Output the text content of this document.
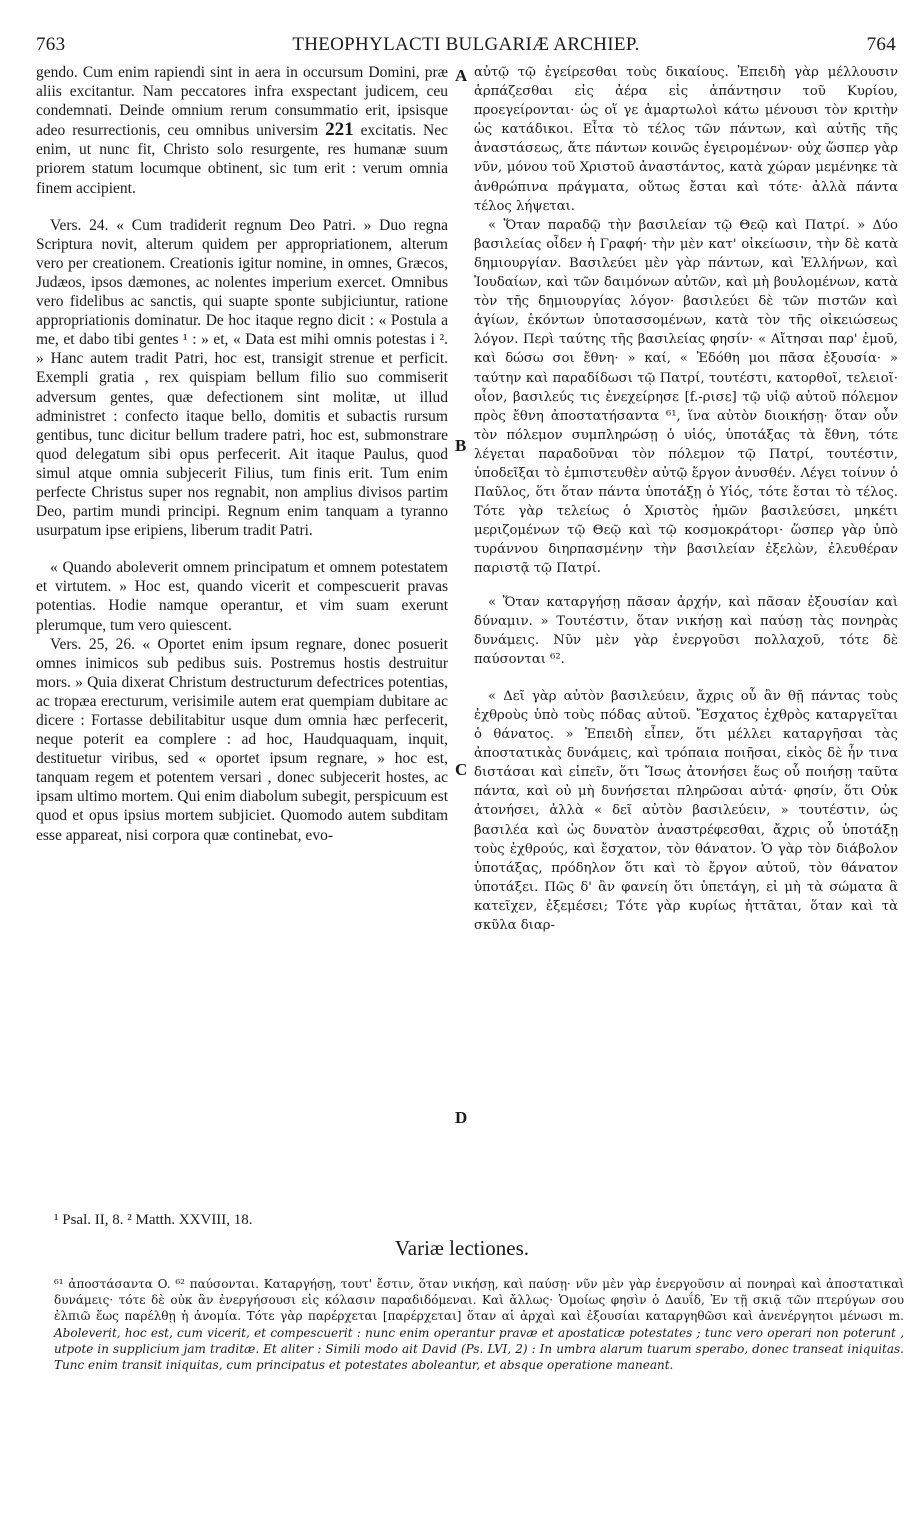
763	THEOPHYLACTI BULGARIÆ ARCHIEP.	764

gendo. Cum enim rapiendi sint in aera in occursum Domini, præ aliis excitantur. Nam peccatores infra exspectant judicem, ceu condemnati. Deinde omnium rerum consummatio erit, ipsisque adeo resurrectionis, ceu omnibus universim 221 excitatis. Nec enim, ut nunc fit, Christo solo resurgente, res humanæ suum priorem statum locumque obtinent, sic tum erit : verum omnia finem accipient.

Vers. 24. « Cum tradiderit regnum Deo Patri. » Duo regna Scriptura novit, alterum quidem per appropriationem, alterum vero per creationem. Creationis igitur nomine, in omnes, Græcos, Judæos, ipsos dæmones, ac nolentes imperium exercet. Omnibus vero fidelibus ac sanctis, qui suapte sponte subjiciuntur, ratione appropriationis dominatur. De hoc itaque regno dicit : « Postula a me, et dabo tibi gentes ¹ : » et, « Data est mihi omnis potestas i ². » Hanc autem tradit Patri, hoc est, transigit strenue et perficit. Exempli gratia , rex quispiam bellum filio suo commiserit adversum gentes, quæ defectionem sint molitæ, ut illud administret : confecto itaque bello, domitis et subactis rursum gentibus, tunc dicitur bellum tradere patri, hoc est, submonstrare quod delegatum sibi opus perfecerit. Ait itaque Paulus, quod simul atque omnia subjecerit Filius, tum finis erit. Tum enim perfecte Christus super nos regnabit, non amplius divisos partim Deo, partim mundi principi. Regnum enim tanquam a tyranno usurpatum ipse eripiens, liberum tradit Patri.

« Quando aboleverit omnem principatum et omnem potestatem et virtutem. » Hoc est, quando vicerit et compescuerit pravas potentias. Hodie namque operantur, et vim suam exerunt plerumque, tum vero quiescent.

Vers. 25, 26. « Oportet enim ipsum regnare, donec posuerit omnes inimicos sub pedibus suis. Postremus hostis destruitur mors. » Quia dixerat Christum destructurum defectrices potentias, ac tropæa erecturum, verisimile autem erat quempiam dubitare ac dicere : Fortasse debilitabitur usque dum omnia hæc perfecerit, neque poterit ea complere : ad hoc, Haudquaquam, inquit, destituetur viribus, sed « oportet ipsum regnare, » hoc est, tanquam regem et potentem versari , donec subjecerit hostes, ac ipsam ultimo mortem. Qui enim diabolum subegit, perspicuum est quod et opus ipsius mortem subjiciet. Quomodo autem subditam esse appareat, nisi corpora quæ continebat, evo-

A
B
C
D

αὐτῷ τῷ ἐγείρεσθαι τοὺς δικαίους. Ἐπειδὴ γὰρ μέλλουσιν ἁρπάζεσθαι εἰς ἀέρα εἰς ἀπάντησιν τοῦ Κυρίου, προεγείρονται· ὡς οἵ γε ἁμαρτωλοὶ κάτω μένουσι τὸν κριτὴν ὡς κατάδικοι. Εἶτα τὸ τέλος τῶν πάντων, καὶ αὐτῆς τῆς ἀναστάσεως, ἅτε πάντων κοινῶς ἐγειρομένων· οὐχ ὥσπερ γὰρ νῦν, μόνου τοῦ Χριστοῦ ἀναστάντος, κατὰ χώραν μεμένηκε τὰ ἀνθρώπινα πράγματα, οὕτως ἔσται καὶ τότε· ἀλλὰ πάντα τέλος λήψεται.

« Ὅταν παραδῷ τὴν βασιλείαν τῷ Θεῷ καὶ Πατρί. » Δύο βασιλείας οἶδεν ἡ Γραφή· τὴν μὲν κατ' οἰκείωσιν, τὴν δὲ κατὰ δημιουργίαν. Βασιλεύει μὲν γὰρ πάντων, καὶ Ἑλλήνων, καὶ Ἰουδαίων, καὶ τῶν δαιμόνων αὐτῶν, καὶ μὴ βουλομένων, κατὰ τὸν τῆς δημιουργίας λόγον· βασιλεύει δὲ τῶν πιστῶν καὶ ἁγίων, ἑκόντων ὑποτασσομένων, κατὰ τὸν τῆς οἰκειώσεως λόγον. Περὶ ταύτης τῆς βασιλείας φησίν· « Αἴτησαι παρ' ἐμοῦ, καὶ δώσω σοι ἔθνη· » καί, « Ἐδόθη μοι πᾶσα ἐξουσία· » ταύτην καὶ παραδίδωσι τῷ Πατρί, τουτέστι, κατορθοῖ, τελειοῖ· οἷον, βασιλεύς τις ἐνεχείρησε [f.-ρισε] τῷ υἱῷ αὐτοῦ πόλεμον πρὸς ἔθνη ἀποστατήσαντα ⁶¹, ἵνα αὐτὸν διοικήσῃ· ὅταν οὖν τὸν πόλεμον συμπληρώσῃ ὁ υἱός, ὑποτάξας τὰ ἔθνη, τότε λέγεται παραδοῦναι τὸν πόλεμον τῷ Πατρί, τουτέστιν, ὑποδεῖξαι τὸ ἐμπιστευθὲν αὐτῷ ἔργον ἀνυσθέν. Λέγει τοίνυν ὁ Παῦλος, ὅτι ὅταν πάντα ὑποτάξῃ ὁ Υἱός, τότε ἔσται τὸ τέλος. Τότε γὰρ τελείως ὁ Χριστὸς ἡμῶν βασιλεύσει, μηκέτι μεριζομένων τῷ Θεῷ καὶ τῷ κοσμοκράτορι· ὥσπερ γὰρ ὑπὸ τυράννου διηρπασμένην τὴν βασιλείαν ἐξελὼν, ἐλευθέραν παριστᾷ τῷ Πατρί.

« Ὅταν καταργήσῃ πᾶσαν ἀρχήν, καὶ πᾶσαν ἐξουσίαν καὶ δύναμιν. » Τουτέστιν, ὅταν νικήσῃ καὶ παύσῃ τὰς πονηρὰς δυνάμεις. Νῦν μὲν γὰρ ἐνεργοῦσι πολλαχοῦ, τότε δὲ παύσονται ⁶².

« Δεῖ γὰρ αὐτὸν βασιλεύειν, ἄχρις οὗ ἂν θῇ πάντας τοὺς ἐχθροὺς ὑπὸ τοὺς πόδας αὐτοῦ. Ἔσχατος ἐχθρὸς καταργεῖται ὁ θάνατος. » Ἐπειδὴ εἶπεν, ὅτι μέλλει καταργῆσαι τὰς ἀποστατικὰς δυνάμεις, καὶ τρόπαια ποιῆσαι, εἰκὸς δὲ ἦν τινα διστάσαι καὶ εἰπεῖν, ὅτι Ἴσως ἀτονήσει ἕως οὗ ποιήσῃ ταῦτα πάντα, καὶ οὐ μὴ δυνήσεται πληρῶσαι αὐτά· φησίν, ὅτι Οὐκ ἀτονήσει, ἀλλὰ « δεῖ αὐτὸν βασιλεύειν, » τουτέστιν, ὡς βασιλέα καὶ ὡς δυνατὸν ἀναστρέφεσθαι, ἄχρις οὗ ὑποτάξῃ τοὺς ἐχθρούς, καὶ ἔσχατον, τὸν θάνατον. Ὁ γὰρ τὸν διάβολον ὑποτάξας, πρόδηλον ὅτι καὶ τὸ ἔργον αὐτοῦ, τὸν θάνατον ὑποτάξει. Πῶς δ' ἂν φανείη ὅτι ὑπετάγη, εἰ μὴ τὰ σώματα ἃ κατεῖχεν, ἐξεμέσει; Τότε γὰρ κυρίως ἡττᾶται, ὅταν καὶ τὰ σκῦλα διαρ-

¹ Psal. II, 8. ² Matth. XXVIII, 18.
Variæ lectiones.
⁶¹ ἀποστάσαντα O. ⁶² παύσονται. Καταργήσῃ, τουτ' ἔστιν, ὅταν νικήσῃ, καὶ παύσῃ· νῦν μὲν γὰρ ἐνεργοῦσιν αἱ πονηραὶ καὶ ἀποστατικαὶ δυνάμεις· τότε δὲ οὐκ ἂν ἐνεργήσουσι εἰς κόλασιν παραδιδόμεναι. Καὶ ἄλλως· Ὁμοίως φησὶν ὁ Δαυΐδ, Ἐν τῇ σκιᾷ τῶν πτερύγων σου ἐλπιῶ ἕως παρέλθῃ ἡ ἀνομία. Τότε γὰρ παρέρχεται [παρέρχεται] ὅταν αἱ ἀρχαὶ καὶ ἐξουσίαι καταργηθῶσι καὶ ἀνενέργητοι μένωσι m. Aboleverit, hoc est, cum vicerit, et compescuerit : nunc enim operantur pravæ et apostaticæ potestates ; tunc vero operari non poterunt , utpote in supplicium jam traditæ. Et aliter : Simili modo ait David (Ps. LVI, 2) : In umbra alarum tuarum sperabo, donec transeat iniquitas. Tunc enim transit iniquitas, cum principatus et potestates aboleantur, et absque operatione maneant.
